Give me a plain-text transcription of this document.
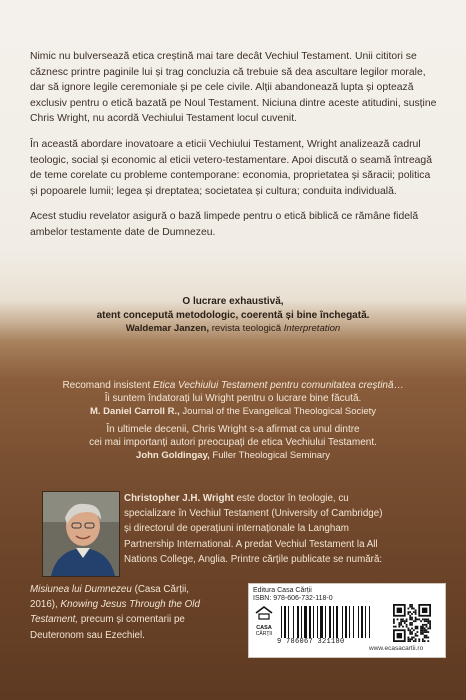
Nimic nu bulversează etica creștină mai tare decât Vechiul Testament. Unii cititori se căznesc printre paginile lui și trag concluzia că trebuie să dea ascultare legilor morale, dar să ignore legile ceremoniale și pe cele civile. Alții abandonează lupta și optează exclusiv pentru o etică bazată pe Noul Testament. Niciuna dintre aceste atitudini, susține Chris Wright, nu acordă Vechiului Testament locul cuvenit.

În această abordare inovatoare a eticii Vechiului Testament, Wright analizează cadrul teologic, social și economic al eticii vetero-testamentare. Apoi discută o seamă întreagă de teme corelate cu probleme contemporane: economia, proprietatea și săracii; politica și popoarele lumii; legea și dreptatea; societatea și cultura; conduita individuală.

Acest studiu revelator asigură o bază limpede pentru o etică biblică ce rămâne fidelă ambelor testamente date de Dumnezeu.

O lucrare exhaustivă,
atent concepută metodologic, coerentă și bine închegată.
Waldemar Janzen, revista teologică Interpretation
Recomand insistent Etica Vechiului Testament pentru comunitatea creștină…
Îi suntem îndatorați lui Wright pentru o lucrare bine făcută.
M. Daniel Carroll R., Journal of the Evangelical Theological Society
În ultimele decenii, Chris Wright s-a afirmat ca unul dintre
cei mai importanți autori preocupați de etica Vechiului Testament.
John Goldingay, Fuller Theological Seminary
Christopher J.H. Wright este doctor în teologie, cu
specializare în Vechiul Testament (University of Cambridge)
și directorul de operațiuni internaționale la Langham
Partnership International. A predat Vechiul Testament la All
Nations College, Anglia. Printre cărțile publicate se numără:
Misiunea lui Dumnezeu (Casa Cărții,
2016), Knowing Jesus Through the Old
Testament, precum și comentarii pe
Deuteronom sau Ezechiel.
Editura Casa Cărții
ISBN: 978-606-732-118-0
CASA
CĂRȚII
9 786067 321180
www.ecasacartii.ro
